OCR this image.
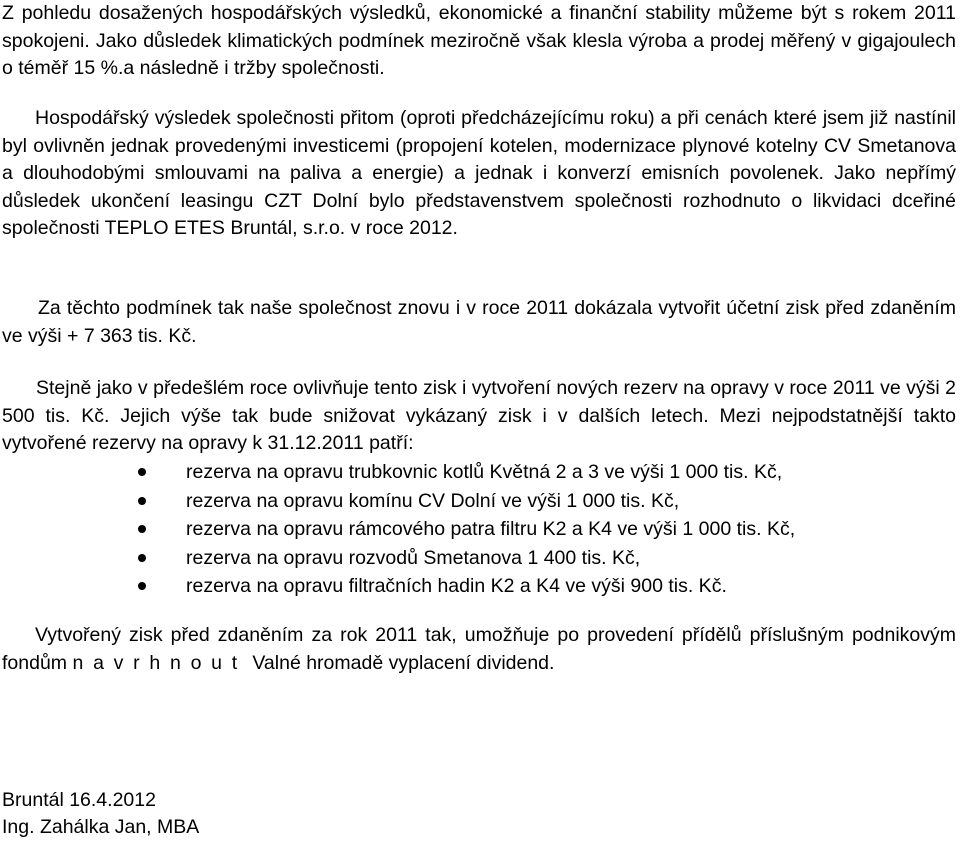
Z pohledu dosažených hospodářských výsledků, ekonomické a finanční stability můžeme být s rokem 2011 spokojeni. Jako důsledek klimatických podmínek meziročně však klesla výroba a prodej měřený v gigajoulech o téměř 15 %.a následně i tržby společnosti.

Hospodářský výsledek společnosti přitom (oproti předcházejícímu roku) a při cenách které jsem již nastínil byl ovlivněn jednak provedenými investicemi (propojení kotelen, modernizace plynové kotelny CV Smetanova a dlouhodobými smlouvami na paliva a energie) a jednak i konverzí emisních povolenek. Jako nepřímý důsledek ukončení leasingu CZT Dolní bylo představenstvem společnosti rozhodnuto o likvidaci dceřiné společnosti TEPLO ETES Bruntál, s.r.o. v roce 2012.

Za těchto podmínek tak naše společnost znovu i v roce 2011 dokázala vytvořit účetní zisk před zdaněním ve výši + 7 363 tis. Kč.

Stejně jako v předešlém roce ovlivňuje tento zisk i vytvoření nových rezerv na opravy v roce 2011 ve výši 2 500 tis. Kč. Jejich výše tak bude snižovat vykázaný zisk i v dalších letech. Mezi nejpodstatnější takto vytvořené rezervy na opravy k 31.12.2011 patří:

rezerva na opravu trubkovnic kotlů Květná 2 a 3 ve výši 1 000 tis. Kč,
rezerva na opravu komínu CV Dolní ve výši 1 000 tis. Kč,
rezerva na opravu rámcového patra filtru K2 a K4 ve výši 1 000 tis. Kč,
rezerva na opravu rozvodů Smetanova 1 400 tis. Kč,
rezerva na opravu filtračních hadin K2 a K4 ve výši 900 tis. Kč.

Vytvořený zisk před zdaněním za rok 2011 tak, umožňuje po provedení přídělů příslušným podnikovým fondům navrhnout Valné hromadě vyplacení dividend.

Bruntál 16.4.2012
Ing. Zahálka Jan, MBA
